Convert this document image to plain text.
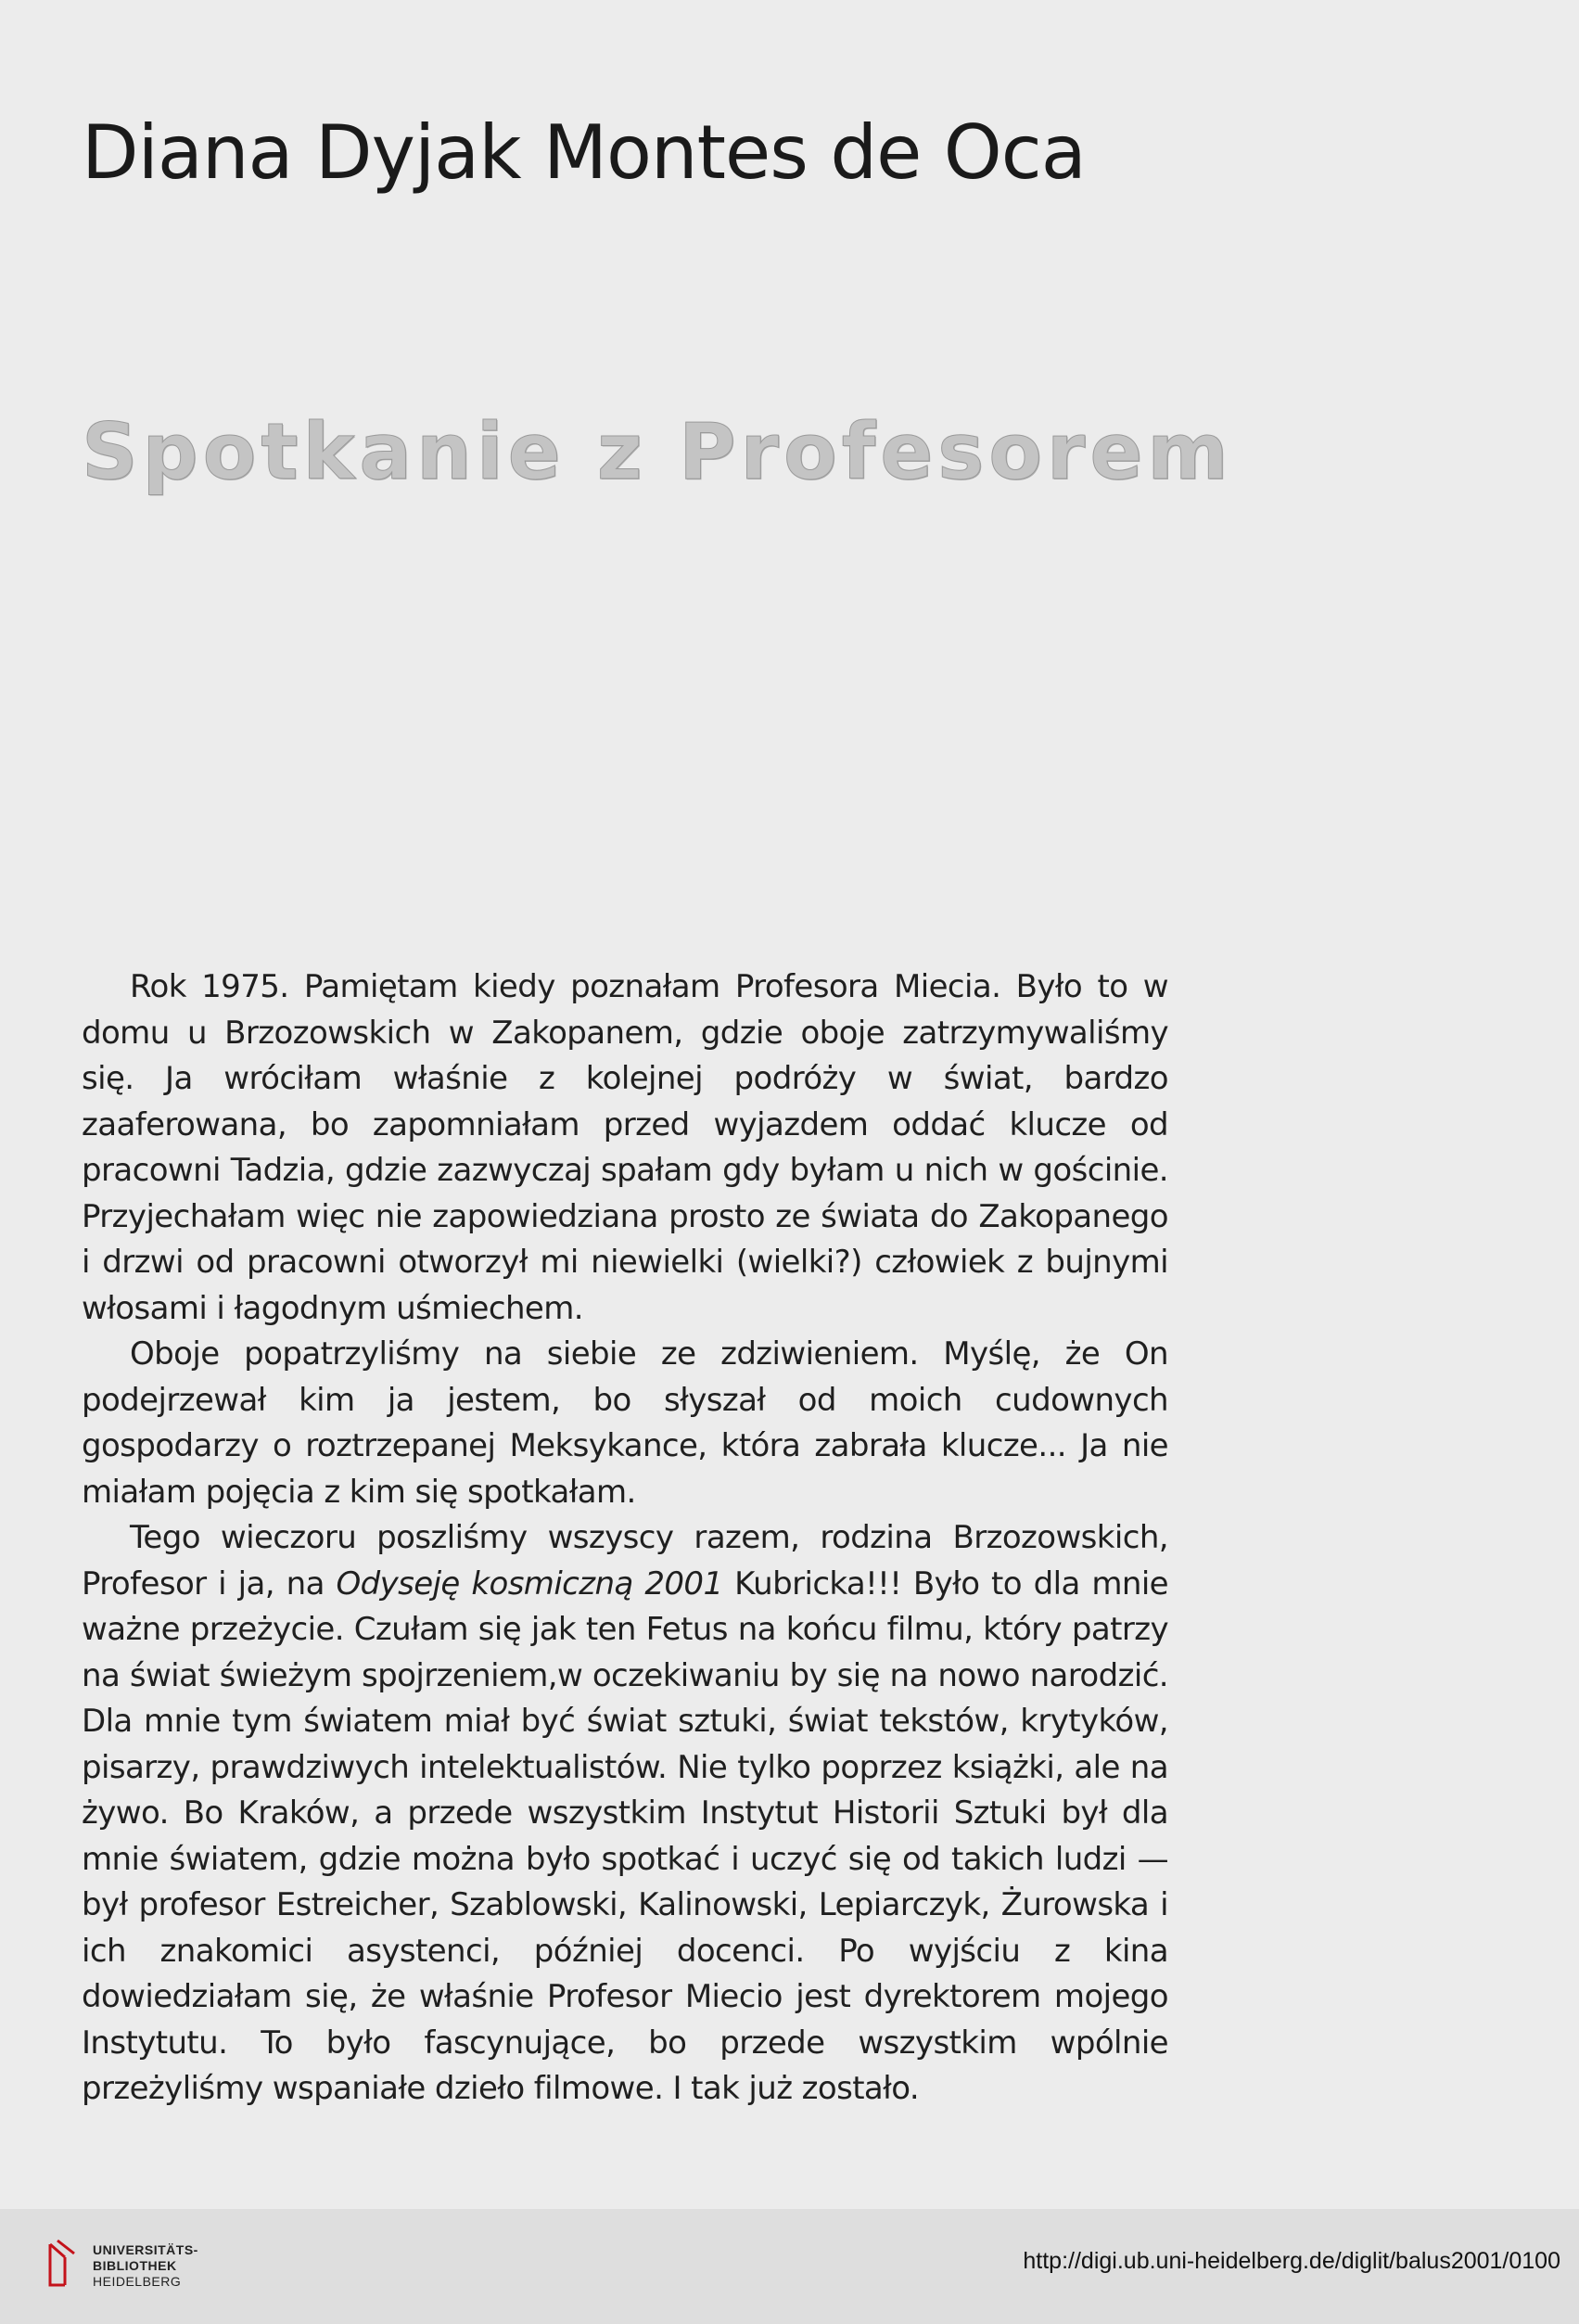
Diana Dyjak Montes de Oca
Spotkanie z Profesorem

Rok 1975. Pamiętam kiedy poznałam Profesora Miecia. Było to w domu u Brzozowskich w Zakopanem, gdzie oboje zatrzymywaliśmy się. Ja wróciłam właśnie z kolejnej podróży w świat, bardzo zaaferowana, bo zapomniałam przed wyjazdem oddać klucze od pracowni Tadzia, gdzie zazwyczaj spałam gdy byłam u nich w gościnie. Przyjechałam więc nie zapowiedziana prosto ze świata do Zakopanego i drzwi od pracowni otworzył mi niewielki (wielki?) człowiek z bujnymi włosami i łagodnym uśmiechem.

Oboje popatrzyliśmy na siebie ze zdziwieniem. Myślę, że On podejrzewał kim ja jestem, bo słyszał od moich cudownych gospodarzy o roztrzepanej Meksykance, która zabrała klucze... Ja nie miałam pojęcia z kim się spotkałam.

Tego wieczoru poszliśmy wszyscy razem, rodzina Brzozowskich, Profesor i ja, na Odyseję kosmiczną 2001 Kubricka!!! Było to dla mnie ważne przeżycie. Czułam się jak ten Fetus na końcu filmu, który patrzy na świat świeżym spojrzeniem,w oczekiwaniu by się na nowo narodzić. Dla mnie tym światem miał być świat sztuki, świat tekstów, krytyków, pisarzy, prawdziwych intelektualistów. Nie tylko poprzez książki, ale na żywo. Bo Kraków, a przede wszystkim Instytut Historii Sztuki był dla mnie światem, gdzie można było spotkać i uczyć się od takich ludzi — był profesor Estreicher, Szablowski, Kalinowski, Lepiarczyk, Żurowska i ich znakomici asystenci, później docenci. Po wyjściu z kina dowiedziałam się, że właśnie Profesor Miecio jest dyrektorem mojego Instytutu. To było fascynujące, bo przede wszystkim wpólnie przeżyliśmy wspaniałe dzieło filmowe. I tak już zostało.

UNIVERSITÄTS-
BIBLIOTHEK
HEIDELBERG
http://digi.ub.uni-heidelberg.de/diglit/balus2001/0100
